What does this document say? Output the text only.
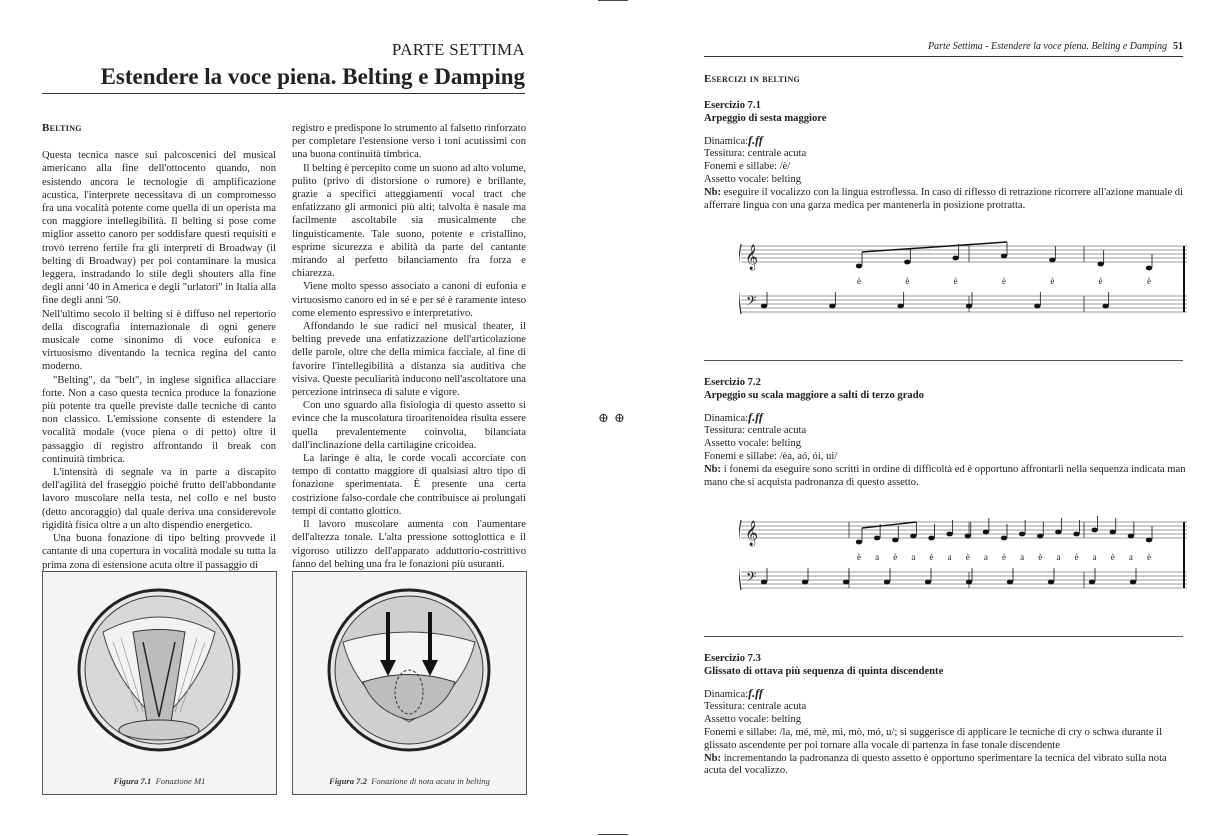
PARTE SETTIMA
Estendere la voce piena. Belting e Damping
Belting

Questa tecnica nasce sui palcoscenici del musical americano alla fine dell'ottocento quando, non esistendo ancora le tecnologie di amplificazione acustica, l'interprete necessitava di un compromesso fra una vocalità potente come quella di un operista ma con maggiore intellegibilità. Il belting si pose come miglior assetto canoro per soddisfare questi requisiti e trovò terreno fertile fra gli interpreti di Broadway (il belting di Broadway) per poi contaminare la musica leggera, instradando lo stile degli shouters alla fine degli anni '40 in America e degli "urlatori" in Italia alla fine degli anni '50.

Nell'ultimo secolo il belting si è diffuso nel repertorio della discografia internazionale di ogni genere musicale come sinonimo di voce eufonica e virtuosismo diventando la tecnica regina del canto moderno.

"Belting", da "belt", in inglese significa allacciare forte. Non a caso questa tecnica produce la fonazione più potente tra quelle previste dalle tecniche di canto non classico. L'emissione consente di estendere la vocalità modale (voce piena o di petto) oltre il passaggio di registro affrontando il break con continuità timbrica.

L'intensità di segnale va in parte a discapito dell'agilità del fraseggio poiché frutto dell'abbondante lavoro muscolare nella testa, nel collo e nel busto (detto ancoraggio) dal quale deriva una considerevole rigidità fisica oltre a un alto dispendio energetico.

Una buona fonazione di tipo belting provvede il cantante di una copertura in vocalità modale su tutta la prima zona di estensione acuta oltre il passaggio di

registro e predispone lo strumento al falsetto rinforzato per completare l'estensione verso i toni acutissimi con una buona continuità timbrica.

Il belting è percepito come un suono ad alto volume, pulito (privo di distorsione o rumore) e brillante, grazie a specifici atteggiamenti vocal tract che enfatizzano gli armonici più alti; talvolta è nasale ma facilmente ascoltabile sia musicalmente che linguisticamente. Tale suono, potente e cristallino, esprime sicurezza e abilità da parte del cantante mirando al perfetto bilanciamento fra forza e chiarezza.

Viene molto spesso associato a canoni di eufonia e virtuosismo canoro ed in sé e per sé è raramente inteso come elemento espressivo e interpretativo.

Affondando le sue radici nel musical theater, il belting prevede una enfatizzazione dell'articolazione delle parole, oltre che della mimica facciale, al fine di favorire l'intellegibilità a distanza sia auditiva che visiva. Queste peculiarità inducono nell'ascoltatore una percezione intrinseca di salute e vigore.

Con uno sguardo alla fisiologia di questo assetto si evince che la muscolatura tiroaritenoidea risulta essere quella prevalentemente coinvolta, bilanciata dall'inclinazione della cartilagine cricoidea.

La laringe è alta, le corde vocali accorciate con tempo di contatto maggiore di qualsiasi altro tipo di fonazione sperimentata. È presente una certa costrizione falso-cordale che contribuisce ai prolungati tempi di contatto glottico.

Il lavoro muscolare aumenta con l'aumentare dell'altezza tonale. L'alta pressione sottoglottica e il vigoroso utilizzo dell'apparato adduttorio-costrittivo fanno del belting una fra le fonazioni più usuranti.

Figura 7.1 Fonazione M1	Figura 7.2 Fonazione di nota acuta in belting
⊕ ⊕
Parte Settima - Estendere la voce piena. Belting e Damping 51
Esercizi in belting
Esercizio 7.1
Arpeggio di sesta maggiore
Dinamica:f.ff
Tessitura: centrale acuta
Fonemi e sillabe: /è/
Assetto vocale: belting
Nb: eseguire il vocalizzo con la lingua estroflessa. In caso di riflesso di retrazione ricorrere all'azione manuale di afferrare lingua con una garza medica per mantenerla in posizione protratta.
𝄞
𝄢
è	è	è	è	è	è	è
Esercizio 7.2
Arpeggio su scala maggiore a salti di terzo grado
Dinamica:f.ff
Tessitura: centrale acuta
Assetto vocale: belting
Fonemi e sillabe: /èa, aó, ói, ui/
Nb: i fonemi da eseguire sono scritti in ordine di difficoltà ed è opportuno affrontarli nella sequenza indicata man mano che si acquista padronanza di questo assetto.
𝄞
𝄢
è a è a è a è a è a è a è a è a è
Esercizio 7.3
Glissato di ottava più sequenza di quinta discendente
Dinamica:f.ff
Tessitura: centrale acuta
Assetto vocale: belting
Fonemi e sillabe: /la, mé, mè, mi, mò, mó, u/; si suggerisce di applicare le tecniche di cry o schwa durante il glissato ascendente per poi tornare alla vocale di partenza in fase tonale discendente
Nb: incrementando la padronanza di questo assetto è opportuno sperimentare la tecnica del vibrato sulla nota acuta del vocalizzo.
